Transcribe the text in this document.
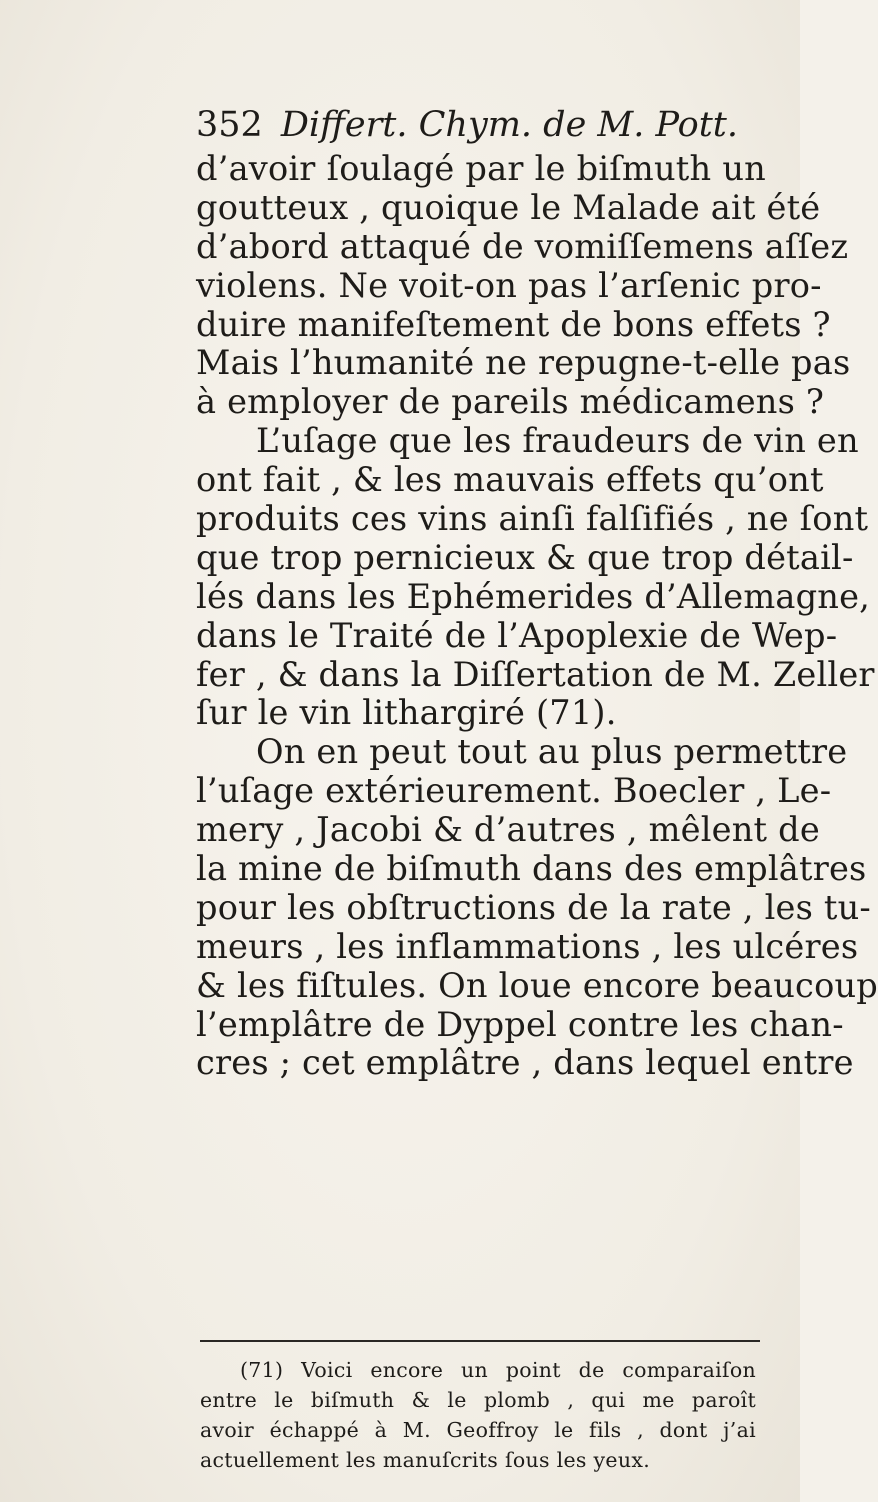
352 Differt. Chym. de M. Pott.
d’avoir ſoulagé par le biſmuth un
goutteux , quoique le Malade ait été
d’abord attaqué de vomiſſemens aſſez
violens. Ne voit-on pas l’arſenic pro-
duire manifeſtement de bons effets ?
Mais l’humanité ne repugne-t-elle pas
à employer de pareils médicamens ?
L’uſage que les fraudeurs de vin en
ont fait , & les mauvais effets qu’ont
produits ces vins ainſi falſifiés , ne ſont
que trop pernicieux & que trop détail-
lés dans les Ephémerides d’Allemagne,
dans le Traité de l’Apoplexie de Wep-
fer , & dans la Diſſertation de M. Zeller
ſur le vin lithargiré (71).
On en peut tout au plus permettre
l’uſage extérieurement. Boecler , Le-
mery , Jacobi & d’autres , mêlent de
la mine de biſmuth dans des emplâtres
pour les obſtructions de la rate , les tu-
meurs , les inflammations , les ulcéres
& les fiſtules. On loue encore beaucoup
l’emplâtre de Dyppel contre les chan-
cres ; cet emplâtre , dans lequel entre
(71) Voici encore un point de comparaiſon
entre le biſmuth & le plomb , qui me paroît
avoir échappé à M. Geoffroy le fils , dont j’ai
actuellement les manuſcrits ſous les yeux.
